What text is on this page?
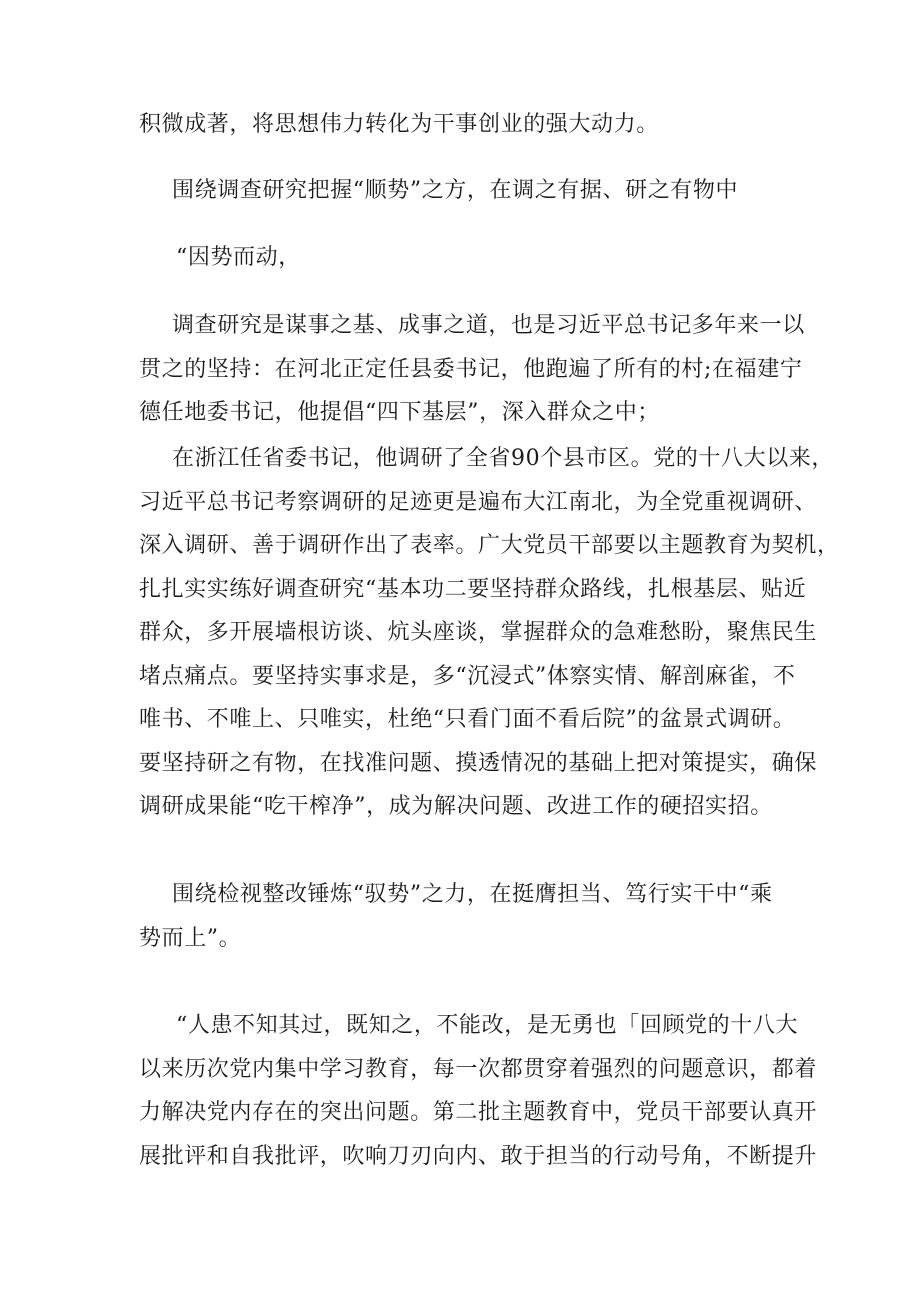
积微成著，将思想伟力转化为干事创业的强大动力。

围绕调查研究把握“顺势”之方，在调之有据、研之有物中

“因势而动，

调查研究是谋事之基、成事之道，也是习近平总书记多年来一以
贯之的坚持：在河北正定任县委书记，他跑遍了所有的村;在福建宁
德任地委书记，他提倡“四下基层”，深入群众之中；

在浙江任省委书记，他调研了全省90个县市区。党的十八大以来，
习近平总书记考察调研的足迹更是遍布大江南北，为全党重视调研、
深入调研、善于调研作出了表率。广大党员干部要以主题教育为契机，
扎扎实实练好调查研究“基本功二要坚持群众路线，扎根基层、贴近
群众，多开展墙根访谈、炕头座谈，掌握群众的急难愁盼，聚焦民生
堵点痛点。要坚持实事求是，多“沉浸式”体察实情、解剖麻雀，不
唯书、不唯上、只唯实，杜绝“只看门面不看后院”的盆景式调研。
要坚持研之有物，在找准问题、摸透情况的基础上把对策提实，确保
调研成果能“吃干榨净”，成为解决问题、改进工作的硬招实招。

围绕检视整改锤炼“驭势”之力，在挺膺担当、笃行实干中“乘
势而上”。

“人患不知其过，既知之，不能改，是无勇也「回顾党的十八大
以来历次党内集中学习教育，每一次都贯穿着强烈的问题意识，都着
力解决党内存在的突出问题。第二批主题教育中，党员干部要认真开
展批评和自我批评，吹响刀刃向内、敢于担当的行动号角，不断提升
